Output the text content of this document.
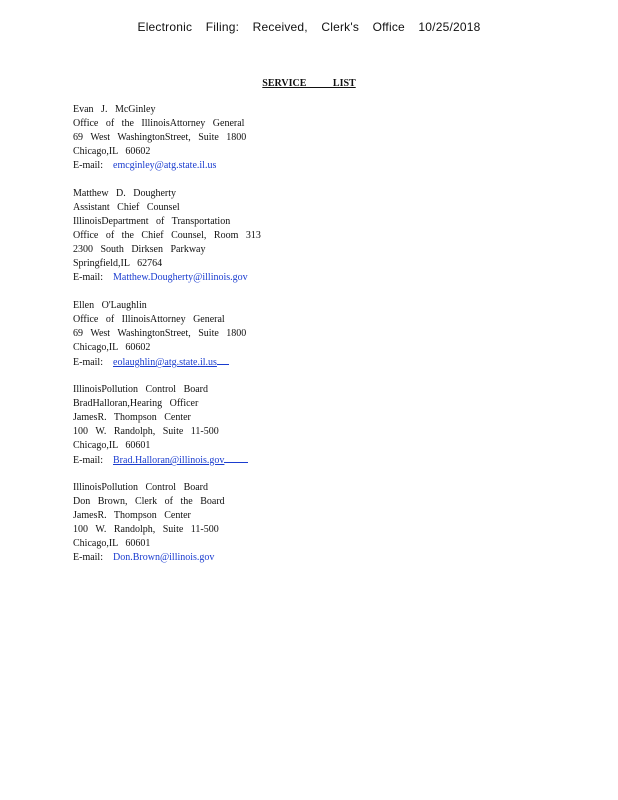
Electronic Filing: Received, Clerk's Office 10/25/2018
SERVICE LIST
Evan J. McGinley
Office of the IllinoisAttorney General
69 West WashingtonStreet, Suite 1800
Chicago,IL 60602
E-mail: emcginley@atg.state.il.us
Matthew D. Dougherty
Assistant Chief Counsel
IllinoisDepartment of Transportation
Office of the Chief Counsel, Room 313
2300 South Dirksen Parkway
Springfield,IL 62764
E-mail: Matthew.Dougherty@illinois.gov
Ellen O'Laughlin
Office of IllinoisAttorney General
69 West WashingtonStreet, Suite 1800
Chicago,IL 60602
E-mail: eolaughlin@atg.state.il.us
IllinoisPollution Control Board
BradHalloran,Hearing Officer
JamesR. Thompson Center
100 W. Randolph, Suite 11-500
Chicago,IL 60601
E-mail: Brad.Halloran@illinois.gov
IllinoisPollution Control Board
Don Brown, Clerk of the Board
JamesR. Thompson Center
100 W. Randolph, Suite 11-500
Chicago,IL 60601
E-mail: Don.Brown@illinois.gov
